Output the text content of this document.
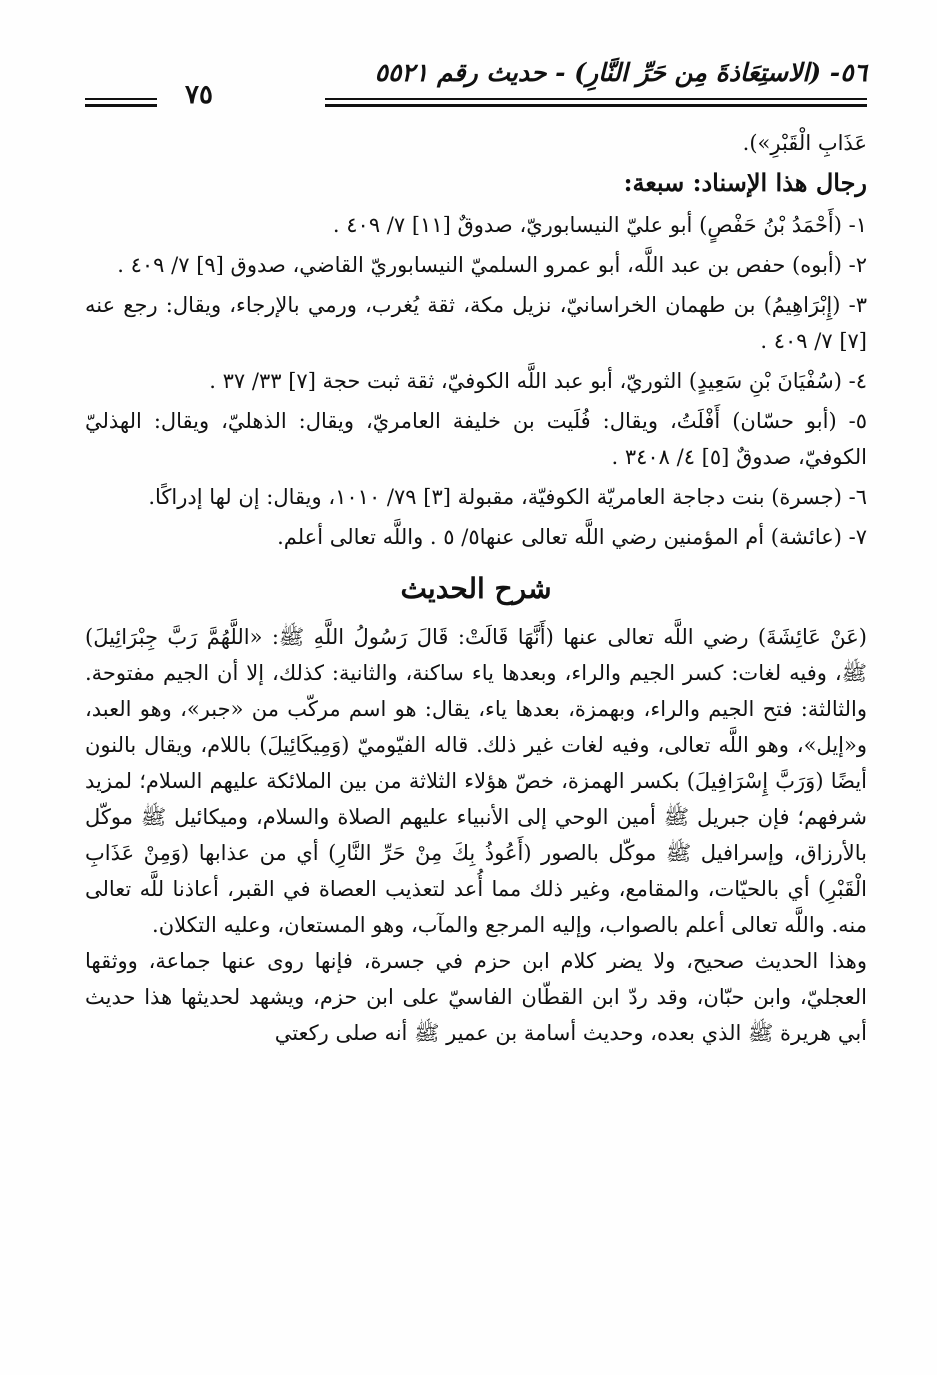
٥٦- (الاستِعَاذةَ مِن حَرِّ النَّارِ) - حديث رقم ٥٥٢١
٧٥

عَذَابِ الْقَبْرِ»).

رجال هذا الإسناد: سبعة:

١- (أَحْمَدُ بْنُ حَفْصٍ) أبو عليّ النيسابوريّ، صدوقٌ [١١] ٧/ ٤٠٩ .

٢- (أبوه) حفص بن عبد اللَّه، أبو عمرو السلميّ النيسابوريّ القاضي، صدوق [٩] ٧/ ٤٠٩ .

٣- (إِبْرَاهِيمُ) بن طهمان الخراسانيّ، نزيل مكة، ثقة يُغرب، ورمي بالإرجاء، ويقال: رجع عنه [٧] ٧/ ٤٠٩ .

٤- (سُفْيَانَ بْنِ سَعِيدٍ) الثوريّ، أبو عبد اللَّه الكوفيّ، ثقة ثبت حجة [٧] ٣٣/ ٣٧ .

٥- (أبو حسّان) أَفْلَتُ، ويقال: فُلَيت بن خليفة العامريّ، ويقال: الذهليّ، ويقال: الهذليّ الكوفيّ، صدوقٌ [٥] ٤/ ٣٤٠٨ .

٦- (جسرة) بنت دجاجة العامريّة الكوفيّة، مقبولة [٣] ٧٩/ ١٠١٠، ويقال: إن لها إدراكًا.

٧- (عائشة) أم المؤمنين رضي اللَّه تعالى عنها٥/ ٥ . واللَّه تعالى أعلم.

شرح الحديث

(عَنْ عَائِشَةَ) رضي اللَّه تعالى عنها (أَنَّهَا قَالَتْ: قَالَ رَسُولُ اللَّهِ ﷺ: «اللَّهُمَّ رَبَّ جِبْرَائِيلَ) ﷺ، وفيه لغات: كسر الجيم والراء، وبعدها ياء ساكنة، والثانية: كذلك، إلا أن الجيم مفتوحة. والثالثة: فتح الجيم والراء، وبهمزة، بعدها ياء، يقال: هو اسم مركّب من «جبر»، وهو العبد، و«إيل»، وهو اللَّه تعالى، وفيه لغات غير ذلك. قاله الفيّوميّ (وَمِيكَائِيلَ) باللام، ويقال بالنون أيضًا (وَرَبَّ إِسْرَافِيلَ) بكسر الهمزة، خصّ هؤلاء الثلاثة من بين الملائكة عليهم السلام؛ لمزيد شرفهم؛ فإن جبريل ﷺ أمين الوحي إلى الأنبياء عليهم الصلاة والسلام، وميكائيل ﷺ موكّل بالأرزاق، وإسرافيل ﷺ موكّل بالصور (أَعُوذُ بِكَ مِنْ حَرِّ النَّارِ) أي من عذابها (وَمِنْ عَذَابِ الْقَبْرِ) أي بالحيّات، والمقامع، وغير ذلك مما أُعد لتعذيب العصاة في القبر، أعاذنا للَّه تعالى منه. واللَّه تعالى أعلم بالصواب، وإليه المرجع والمآب، وهو المستعان، وعليه التكلان.

وهذا الحديث صحيح، ولا يضر كلام ابن حزم في جسرة، فإنها روى عنها جماعة، ووثقها العجليّ، وابن حبّان، وقد ردّ ابن القطّان الفاسيّ على ابن حزم، ويشهد لحديثها هذا حديث أبي هريرة ﷺ الذي بعده، وحديث أسامة بن عمير ﷺ أنه صلى ركعتي
